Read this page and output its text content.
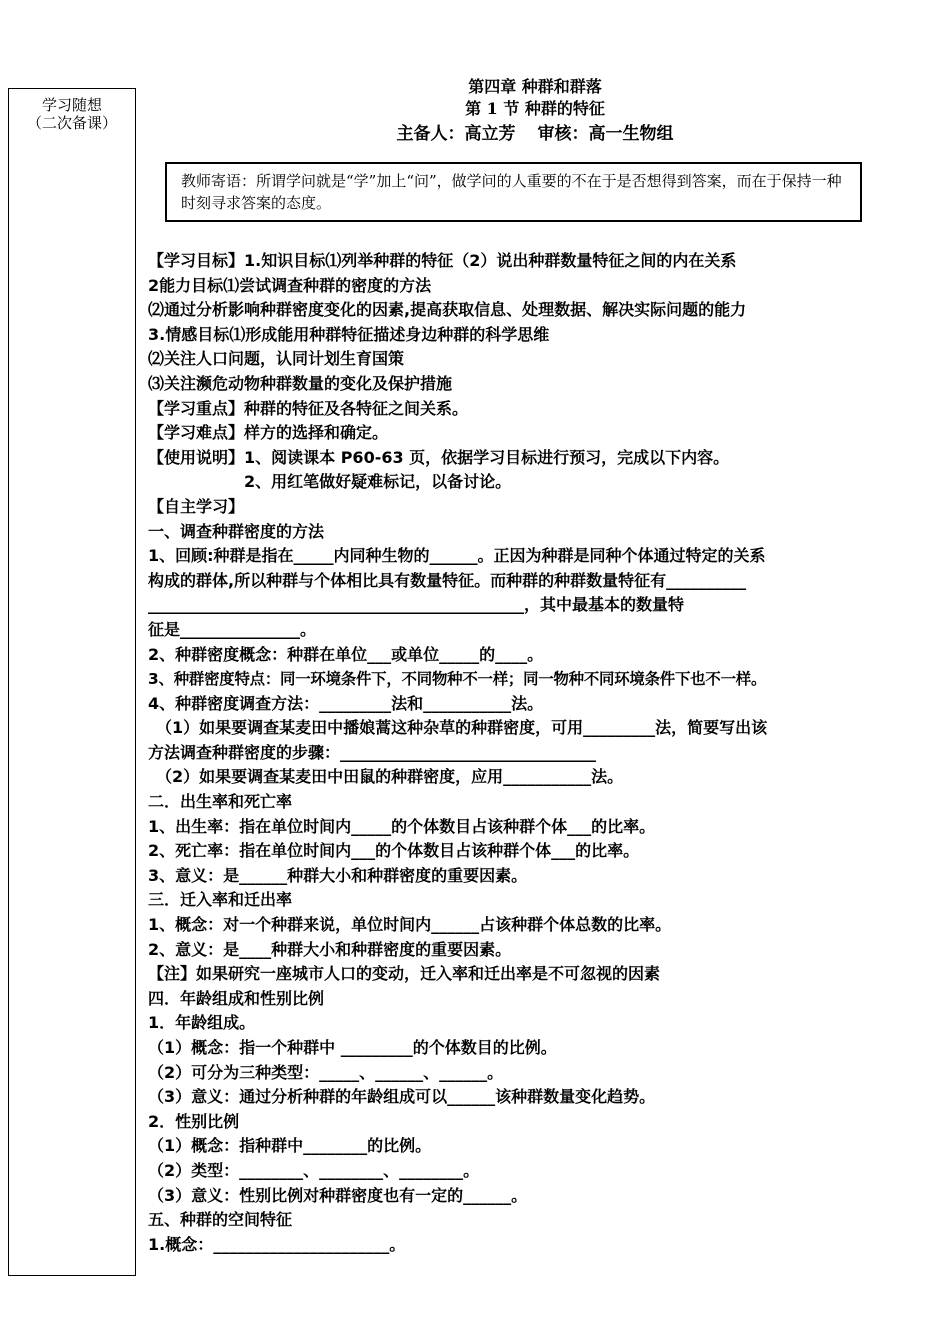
学习随想
（二次备课）
第四章 种群和群落
第 1 节 种群的特征
主备人：高立芳 审核：高一生物组
教师寄语：所谓学问就是“学”加上“问”，做学问的人重要的不在于是否想得到答案，而在于保持一种时刻寻求答案的态度。

【学习目标】1.知识目标⑴列举种群的特征（2）说出种群数量特征之间的内在关系

2能力目标⑴尝试调查种群的密度的方法

⑵通过分析影响种群密度变化的因素,提高获取信息、处理数据、解决实际问题的能力

3.情感目标⑴形成能用种群特征描述身边种群的科学思维

⑵关注人口问题，认同计划生育国策

⑶关注濒危动物种群数量的变化及保护措施

【学习重点】种群的特征及各特征之间关系。

【学习难点】样方的选择和确定。

【使用说明】1、阅读课本 P60-63 页，依据学习目标进行预习，完成以下内容。

　　　　　　2、用红笔做好疑难标记，以备讨论。

【自主学习】

一、调查种群密度的方法

1、回顾:种群是指在_____内同种生物的______。正因为种群是同种个体通过特定的关系

构成的群体,所以种群与个体相比具有数量特征。而种群的种群数量特征有__________

_______________________________________________，其中最基本的数量特

征是_______________。

2、种群密度概念：种群在单位___或单位_____的____。

3、种群密度特点：同一环境条件下，不同物种不一样；同一物种不同环境条件下也不一样。

4、种群密度调查方法：_________法和___________法。

　（1）如果要调查某麦田中播娘蒿这种杂草的种群密度，可用_________法，简要写出该

方法调查种群密度的步骤：________________________________

　（2）如果要调查某麦田中田鼠的种群密度，应用___________法。

二．出生率和死亡率

1、出生率：指在单位时间内_____的个体数目占该种群个体___的比率。

2、死亡率：指在单位时间内___的个体数目占该种群个体___的比率。

3、意义：是______种群大小和种群密度的重要因素。

三．迁入率和迁出率

1、概念：对一个种群来说，单位时间内______占该种群个体总数的比率。

2、意义：是____种群大小和种群密度的重要因素。

【注】如果研究一座城市人口的变动，迁入率和迁出率是不可忽视的因素

四．年龄组成和性别比例

1．年龄组成。

（1）概念：指一个种群中 _________的个体数目的比例。

（2）可分为三种类型：_____、______、______。

（3）意义：通过分析种群的年龄组成可以______该种群数量变化趋势。

2．性别比例

（1）概念：指种群中________的比例。

（2）类型：________、________、________。

（3）意义：性别比例对种群密度也有一定的______。

五、种群的空间特征

1.概念：______________________。
